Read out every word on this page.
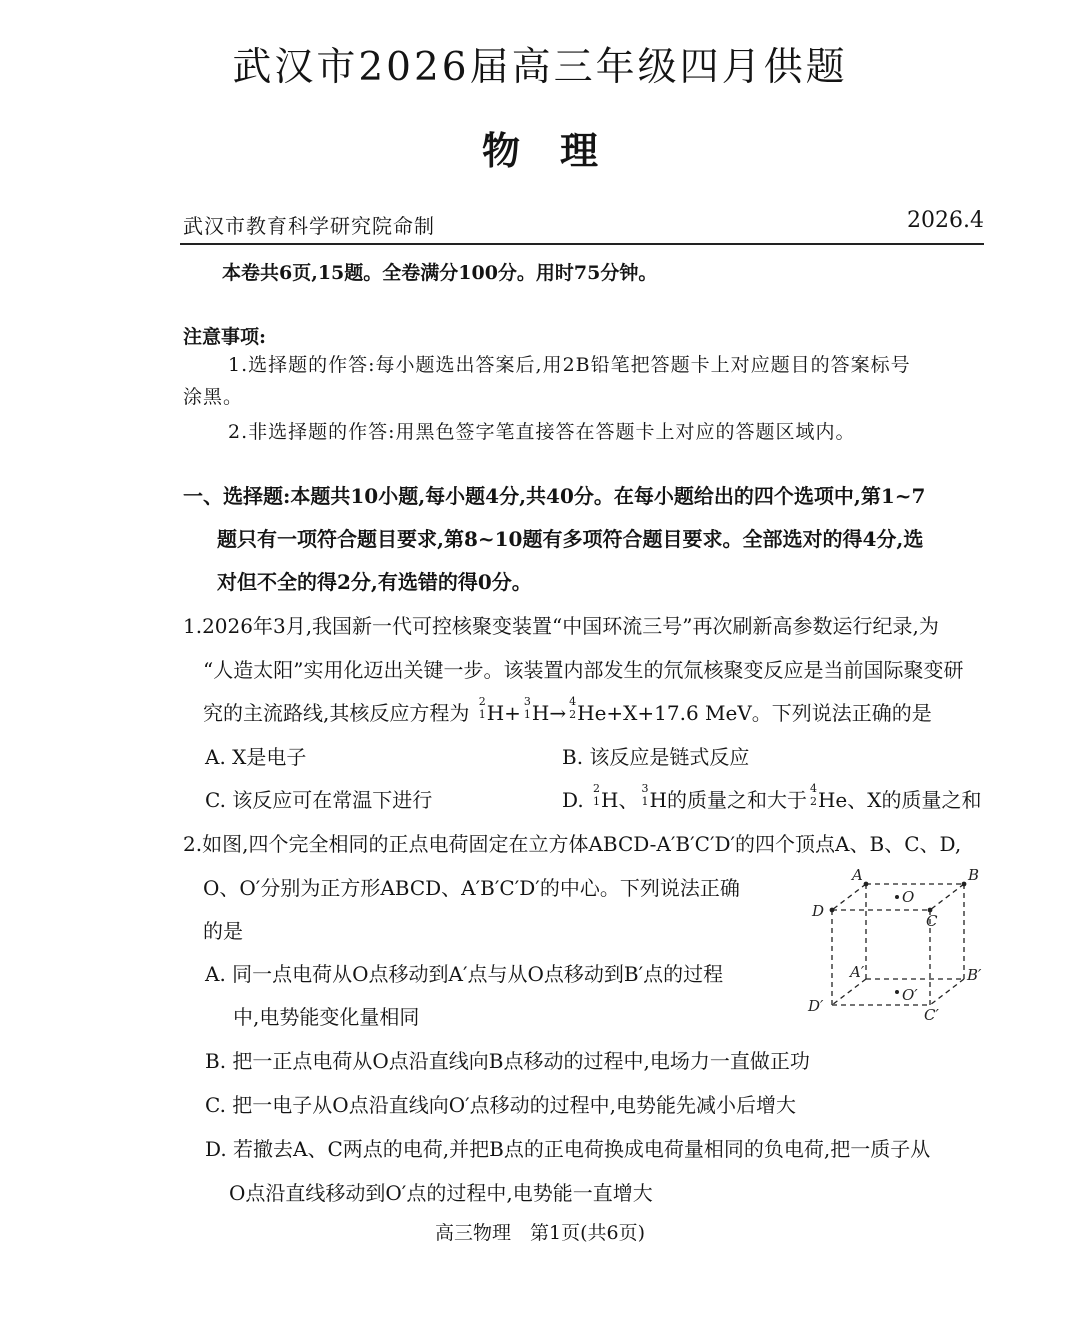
武汉市2026届高三年级四月供题
物理
武汉市教育科学研究院命制	2026.4
本卷共6页,15题。全卷满分100分。用时75分钟。
注意事项:
1.选择题的作答:每小题选出答案后,用2B铅笔把答题卡上对应题目的答案标号
涂黑。
2.非选择题的作答:用黑色签字笔直接答在答题卡上对应的答题区域内。
一、选择题:本题共10小题,每小题4分,共40分。在每小题给出的四个选项中,第1~7
题只有一项符合题目要求,第8~10题有多项符合题目要求。全部选对的得4分,选
对但不全的得2分,有选错的得0分。
1.2026年3月,我国新一代可控核聚变装置“中国环流三号”再次刷新高参数运行纪录,为
“人造太阳”实用化迈出关键一步。该装置内部发生的氘氚核聚变反应是当前国际聚变研
究的主流路线,其核反应方程为 2
1 H+ 3
1 H→ 4
2 He+X+17.6 MeV。下列说法正确的是
A. X是电子	B. 该反应是链式反应
C. 该反应可在常温下进行	D. 2
1 H、 3
1 H的质量之和大于 4
2 He、X的质量之和
2.如图,四个完全相同的正点电荷固定在立方体ABCD-A′B′C′D′的四个顶点A、B、C、D,
O、O′分别为正方形ABCD、A′B′C′D′的中心。下列说法正确
的是
A. 同一点电荷从O点移动到A′点与从O点移动到B′点的过程
中,电势能变化量相同
B. 把一正点电荷从O点沿直线向B点移动的过程中,电场力一直做正功
C. 把一电子从O点沿直线向O′点移动的过程中,电势能先减小后增大
D. 若撤去A、C两点的电荷,并把B点的正电荷换成电荷量相同的负电荷,把一质子从
O点沿直线移动到O′点的过程中,电势能一直增大
A	B
C
D
O
A′	B′
C′
D′
O′
高三物理　第1页(共6页)
